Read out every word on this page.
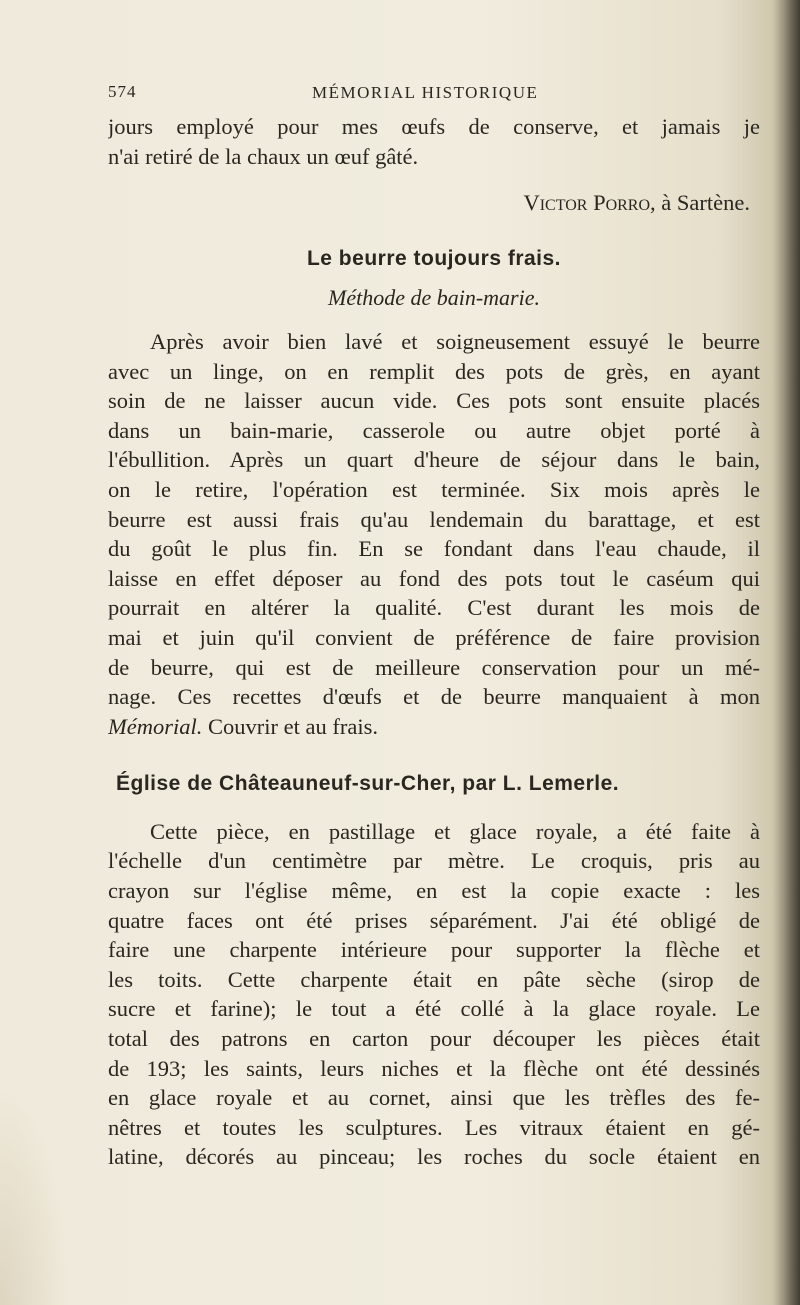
574	MÉMORIAL HISTORIQUE
jours employé pour mes œufs de conserve, et jamais je
n'ai retiré de la chaux un œuf gâté.
Victor Porro, à Sartène.
Le beurre toujours frais.
Méthode de bain-marie.
Après avoir bien lavé et soigneusement essuyé le beurre
avec un linge, on en remplit des pots de grès, en ayant
soin de ne laisser aucun vide. Ces pots sont ensuite placés
dans un bain-marie, casserole ou autre objet porté à
l'ébullition. Après un quart d'heure de séjour dans le bain,
on le retire, l'opération est terminée. Six mois après le
beurre est aussi frais qu'au lendemain du barattage, et est
du goût le plus fin. En se fondant dans l'eau chaude, il
laisse en effet déposer au fond des pots tout le caséum qui
pourrait en altérer la qualité. C'est durant les mois de
mai et juin qu'il convient de préférence de faire provision
de beurre, qui est de meilleure conservation pour un mé-
nage. Ces recettes d'œufs et de beurre manquaient à mon
Mémorial. Couvrir et au frais.
Église de Châteauneuf-sur-Cher, par L. Lemerle.
Cette pièce, en pastillage et glace royale, a été faite à
l'échelle d'un centimètre par mètre. Le croquis, pris au
crayon sur l'église même, en est la copie exacte : les
quatre faces ont été prises séparément. J'ai été obligé de
faire une charpente intérieure pour supporter la flèche et
les toits. Cette charpente était en pâte sèche (sirop de
sucre et farine); le tout a été collé à la glace royale. Le
total des patrons en carton pour découper les pièces était
de 193; les saints, leurs niches et la flèche ont été dessinés
en glace royale et au cornet, ainsi que les trèfles des fe-
nêtres et toutes les sculptures. Les vitraux étaient en gé-
latine, décorés au pinceau; les roches du socle étaient en
